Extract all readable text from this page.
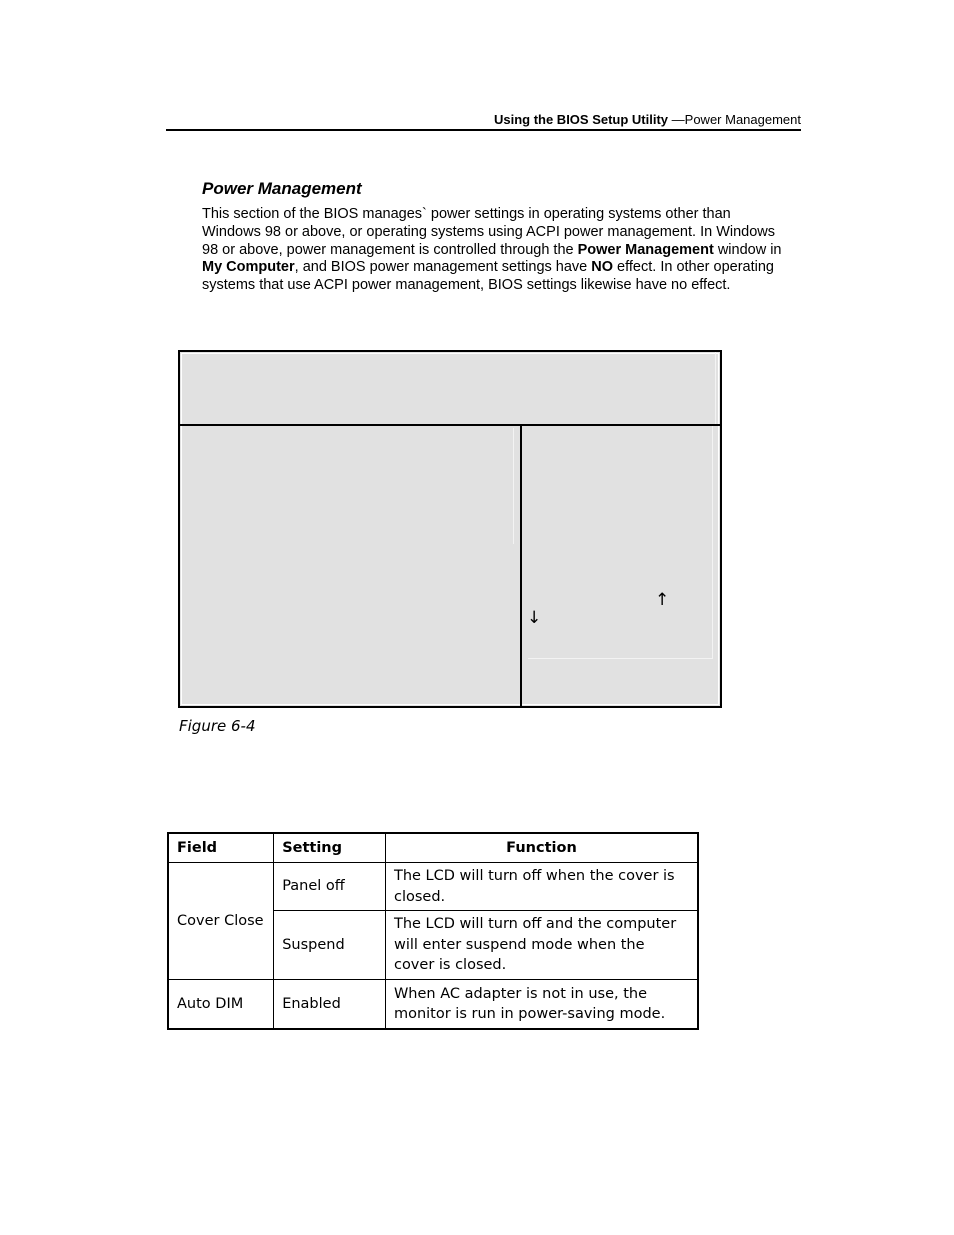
Using the BIOS Setup Utility —Power Management
Power Management

This section of the BIOS manages` power settings in operating systems other than Windows 98 or above, or operating systems using ACPI power management. In Windows 98 or above, power management is controlled through the Power Management window in My Computer, and BIOS power management settings have NO effect. In other operating systems that use ACPI power management, BIOS settings likewise have no effect.

↑
↓
Figure 6-4
Field	Setting	Function
Cover Close	Panel off	The LCD will turn off when the cover is closed.
	Suspend	The LCD will turn off and the computer will enter suspend mode when the cover is closed.
Auto DIM	Enabled	When AC adapter is not in use, the monitor is run in power-saving mode.
